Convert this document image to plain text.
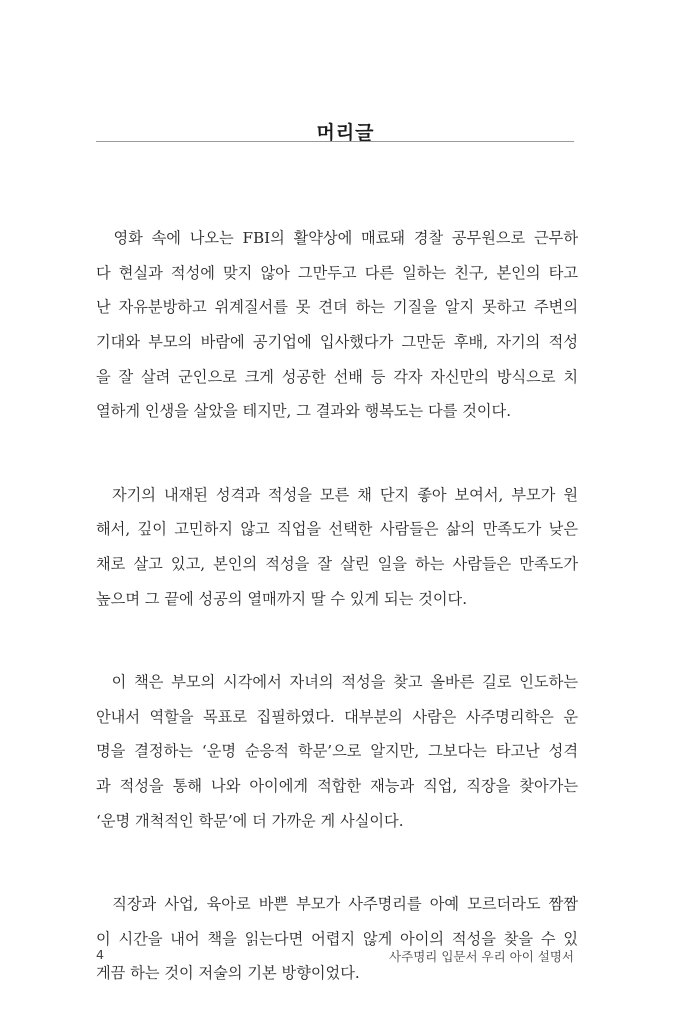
머리글
영화 속에 나오는 FBI의 활약상에 매료돼 경찰 공무원으로 근무하
다 현실과 적성에 맞지 않아 그만두고 다른 일하는 친구, 본인의 타고
난 자유분방하고 위계질서를 못 견뎌 하는 기질을 알지 못하고 주변의
기대와 부모의 바람에 공기업에 입사했다가 그만둔 후배, 자기의 적성
을 잘 살려 군인으로 크게 성공한 선배 등 각자 자신만의 방식으로 치
열하게 인생을 살았을 테지만, 그 결과와 행복도는 다를 것이다.
자기의 내재된 성격과 적성을 모른 채 단지 좋아 보여서, 부모가 원
해서, 깊이 고민하지 않고 직업을 선택한 사람들은 삶의 만족도가 낮은
채로 살고 있고, 본인의 적성을 잘 살린 일을 하는 사람들은 만족도가
높으며 그 끝에 성공의 열매까지 딸 수 있게 되는 것이다.
이 책은 부모의 시각에서 자녀의 적성을 찾고 올바른 길로 인도하는
안내서 역할을 목표로 집필하였다. 대부분의 사람은 사주명리학은 운
명을 결정하는 ‘운명 순응적 학문’으로 알지만, 그보다는 타고난 성격
과 적성을 통해 나와 아이에게 적합한 재능과 직업, 직장을 찾아가는
‘운명 개척적인 학문’에 더 가까운 게 사실이다.
직장과 사업, 육아로 바쁜 부모가 사주명리를 아예 모르더라도 짬짬
이 시간을 내어 책을 읽는다면 어렵지 않게 아이의 적성을 찾을 수 있
게끔 하는 것이 저술의 기본 방향이었다.
4	사주명리 입문서 우리 아이 설명서
